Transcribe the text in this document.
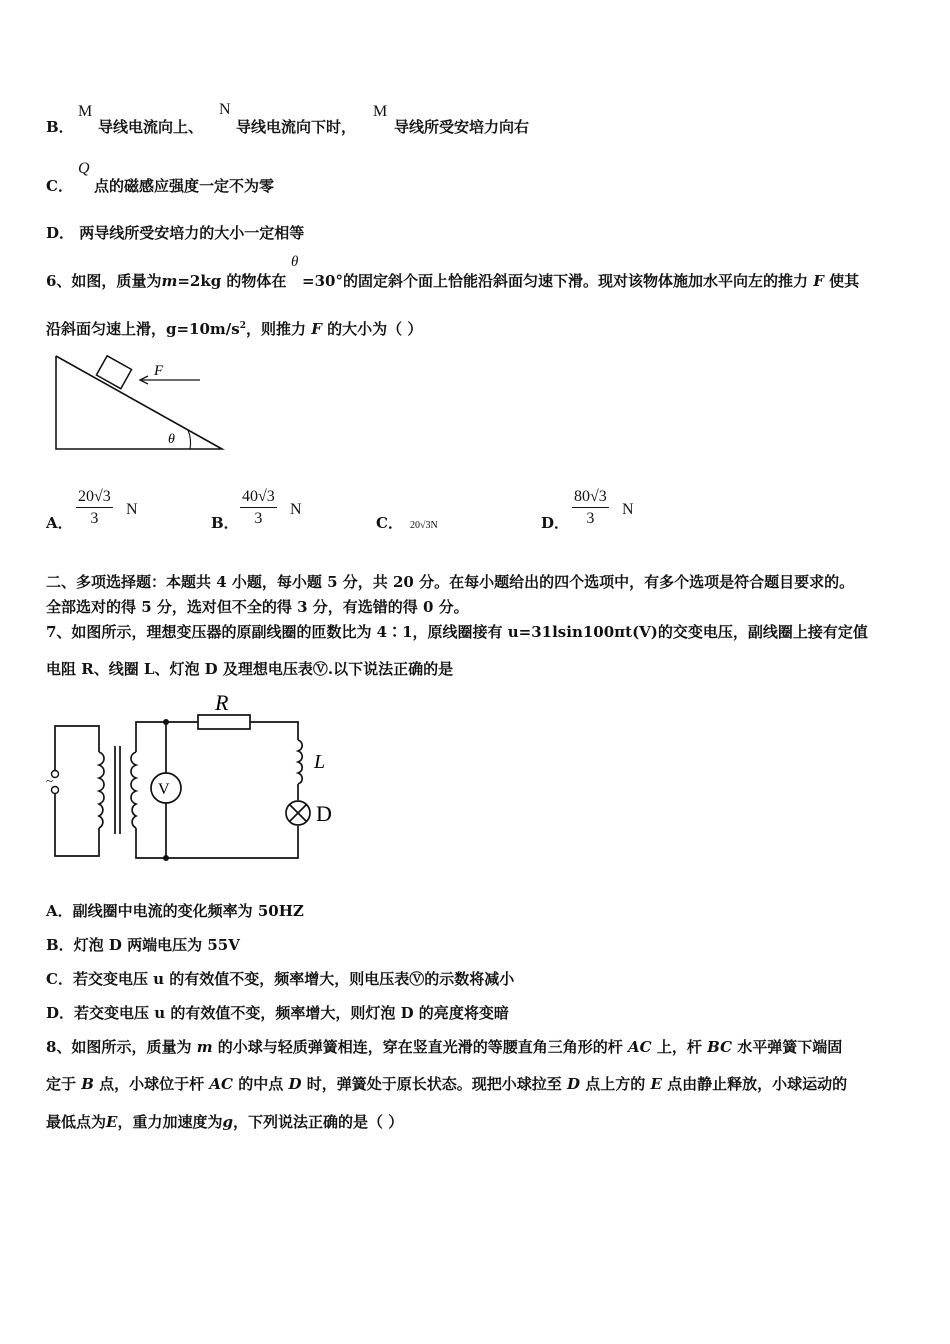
B．
M
导线电流向上、
N
导线电流向下时，
M
导线所受安培力向右
C．
Q
点的磁感应强度一定不为零
D． 两导线所受安培力的大小一定相等
6、如图，质量为m=2kg 的物体在
θ
=30°的固定斜个面上恰能沿斜面匀速下滑。现对该物体施加水平向左的推力 F 使其
沿斜面匀速上滑，$g=10m/s^2$，则推力 F 的大小为（ ）
F
θ
A． $\frac{20√3}{3}$ N
B． $\frac{40√3}{3}$ N
C． 20√3N	D． $\frac{80√3}{3}$ N
二、多项选择题：本题共 4 小题，每小题 5 分，共 20 分。在每小题给出的四个选项中，有多个选项是符合题目要求的。
全部选对的得 5 分，选对但不全的得 3 分，有选错的得 0 分。
7、如图所示，理想变压器的原副线圈的匝数比为 4∶1，原线圈接有 u=31lsin100πt(V)的交变电压，副线圈上接有定值
电阻 R、线圈 L、灯泡 D 及理想电压表Ⓥ.以下说法正确的是
~
V
R
L
D
A．副线圈中电流的变化频率为 50HZ
B．灯泡 D 两端电压为 55V
C．若交变电压 u 的有效值不变，频率增大，则电压表Ⓥ的示数将减小
D．若交变电压 u 的有效值不变，频率增大，则灯泡 D 的亮度将变暗
8、如图所示，质量为 m 的小球与轻质弹簧相连，穿在竖直光滑的等腰直角三角形的杆 AC 上，杆 BC 水平弹簧下端固
定于 B 点，小球位于杆 AC 的中点 D 时，弹簧处于原长状态。现把小球拉至 D 点上方的 E 点由静止释放，小球运动的
最低点为E，重力加速度为g，下列说法正确的是（ ）
